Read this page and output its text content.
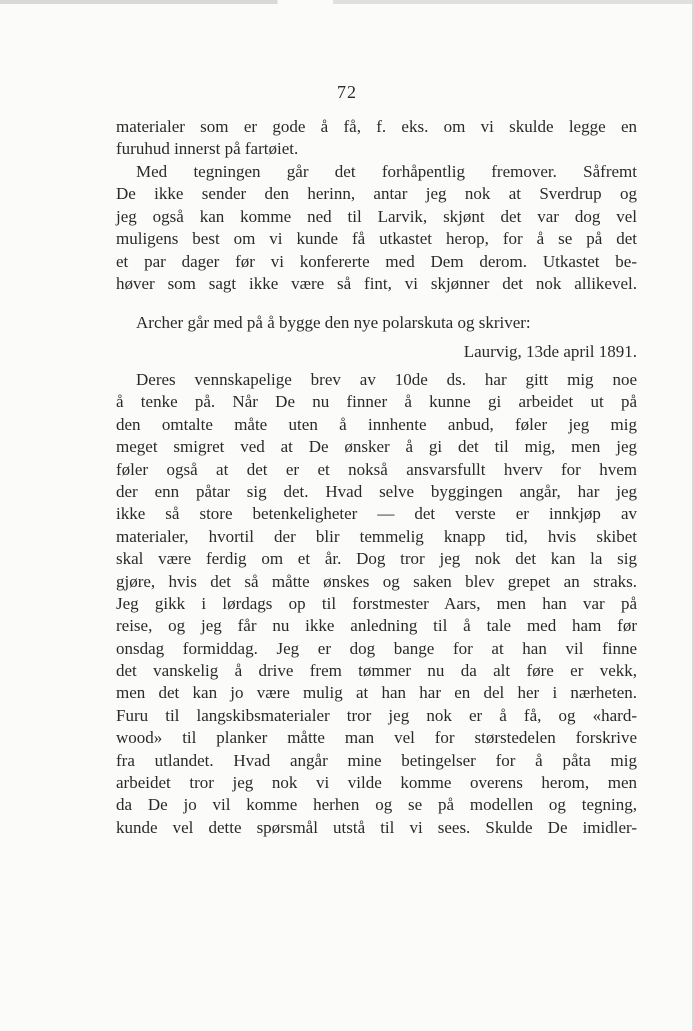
72
materialer som er gode å få, f. eks. om vi skulde legge en
furuhud innerst på fartøiet.
Med tegningen går det forhåpentlig fremover. Såfremt
De ikke sender den herinn, antar jeg nok at Sverdrup og
jeg også kan komme ned til Larvik, skjønt det var dog vel
muligens best om vi kunde få utkastet herop, for å se på det
et par dager før vi konfererte med Dem derom. Utkastet be-
høver som sagt ikke være så fint, vi skjønner det nok allikevel.
Archer går med på å bygge den nye polarskuta og skriver:
Laurvig, 13de april 1891.
Deres vennskapelige brev av 10de ds. har gitt mig noe
å tenke på. Når De nu finner å kunne gi arbeidet ut på
den omtalte måte uten å innhente anbud, føler jeg mig
meget smigret ved at De ønsker å gi det til mig, men jeg
føler også at det er et nokså ansvarsfullt hverv for hvem
der enn påtar sig det. Hvad selve byggingen angår, har jeg
ikke så store betenkeligheter — det verste er innkjøp av
materialer, hvortil der blir temmelig knapp tid, hvis skibet
skal være ferdig om et år. Dog tror jeg nok det kan la sig
gjøre, hvis det så måtte ønskes og saken blev grepet an straks.
Jeg gikk i lørdags op til forstmester Aars, men han var på
reise, og jeg får nu ikke anledning til å tale med ham før
onsdag formiddag. Jeg er dog bange for at han vil finne
det vanskelig å drive frem tømmer nu da alt føre er vekk,
men det kan jo være mulig at han har en del her i nærheten.
Furu til langskibsmaterialer tror jeg nok er å få, og «hard-
wood» til planker måtte man vel for størstedelen forskrive
fra utlandet. Hvad angår mine betingelser for å påta mig
arbeidet tror jeg nok vi vilde komme overens herom, men
da De jo vil komme herhen og se på modellen og tegning,
kunde vel dette spørsmål utstå til vi sees. Skulde De imidler-
